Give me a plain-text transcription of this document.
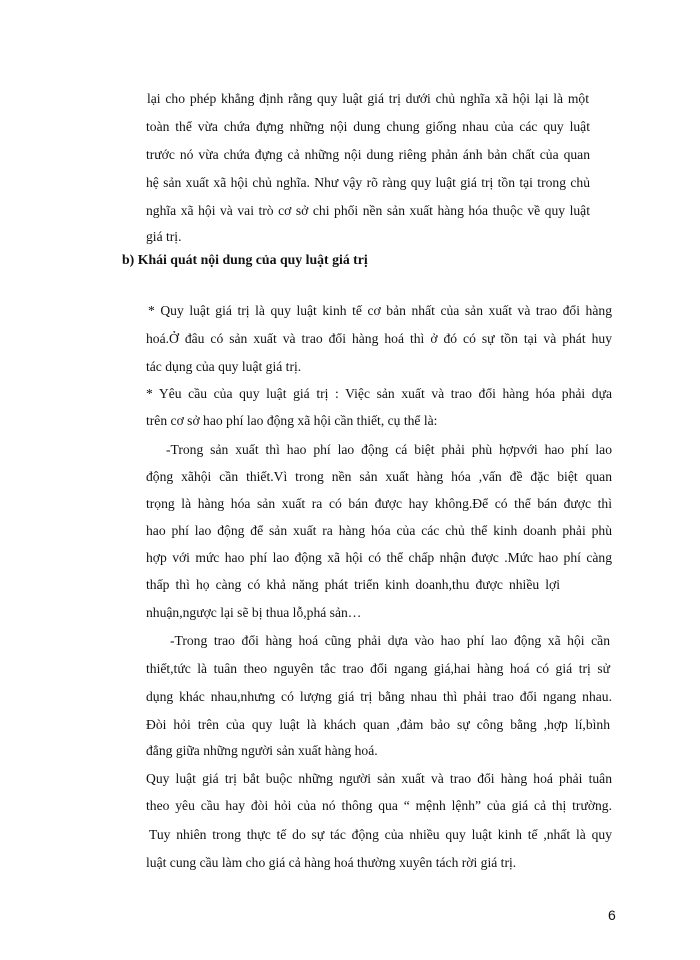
lại cho phép khẳng định rằng quy luật giá trị dưới chủ nghĩa xã hội lại là một
toàn thể vừa chứa đựng những nội dung chung giống nhau của các quy luật
trước nó vừa chứa đựng cả những nội dung riêng phản ánh bản chất của quan
hệ sản xuất xã hội chủ nghĩa. Như vậy rõ ràng quy luật giá trị tồn tại trong chủ
nghĩa xã hội và vai trò cơ sở chi phối nền sản xuất hàng hóa thuộc về quy luật
giá trị.
b) Khái quát nội dung của quy luật giá trị
* Quy luật giá trị là quy luật kinh tế cơ bản nhất của sản xuất và trao đổi hàng
hoá.Ở đâu có sản xuất và trao đổi hàng hoá thì ở đó có sự tồn tại và phát huy
tác dụng của quy luật giá trị.
* Yêu cầu của quy luật giá trị : Việc sản xuất và trao đổi hàng hóa phải dựa
trên cơ sở hao phí lao động xã hội cần thiết, cụ thể là:
-Trong sản xuất thì hao phí lao động cá biệt phải phù hợpvới hao phí lao
động xãhội cần thiết.Vì trong nền sản xuất hàng hóa ,vấn đề đặc biệt quan
trọng là hàng hóa sản xuất ra có bán được hay không.Để có thể bán được thì
hao phí lao động để sản xuất ra hàng hóa của các chủ thể kinh doanh phải phù
hợp với mức hao phí lao động xã hội có thể chấp nhận được .Mức hao phí càng
thấp thì họ càng có khả năng phát triển kinh doanh,thu được nhiều lợi
nhuận,ngược lại sẽ bị thua lỗ,phá sản…
-Trong trao đổi hàng hoá cũng phải dựa vào hao phí lao động xã hội cần
thiết,tức là tuân theo nguyên tắc trao đổi ngang giá,hai hàng hoá có giá trị sử
dụng khác nhau,nhưng có lượng giá trị bằng nhau thì phải trao đổi ngang nhau.
Đòi hỏi trên của quy luật là khách quan ,đảm bảo sự công bằng ,hợp lí,bình
đẳng giữa những người sản xuất hàng hoá.
Quy luật giá trị bắt buộc những người sản xuất và trao đổi hàng hoá phải tuân
theo yêu cầu hay đòi hỏi của nó thông qua “ mệnh lệnh” của giá cả thị trường.
Tuy nhiên trong thực tế do sự tác động của nhiều quy luật kinh tế ,nhất là quy
luật cung cầu làm cho giá cả hàng hoá thường xuyên tách rời giá trị.
6
